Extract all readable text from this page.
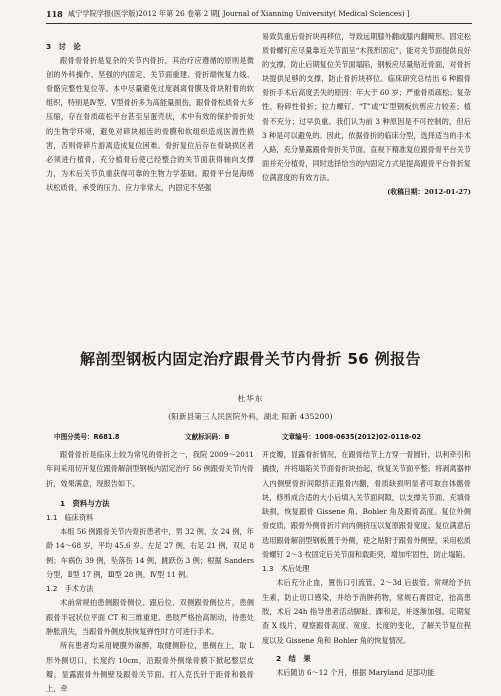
118 咸宁学院学报(医学版)2012 年第 26 卷第 2 期[ Journal of Xianning University( Medical Sciences) ]

3　讨　论

跟骨骨骨折是复杂的关节内骨折，其治疗应遵循的原则是微创的外科操作、坚强的内固定、关节面重建、骨折端恢复力线、骨骼完整性复位等。本中尽量避免过度剥离骨膜及骨块附着的软组织，特别是Ⅳ型、Ⅴ型骨折多为高能量损伤，跟骨骨松质骨大多压缩，存在骨质疏松平台甚至呈蛋壳状，术中有效的保护骨折处的生物学环境，避免对碎块相连的骨膜和软组织造成医源性损害，否则骨碎片游离造成复位困难。骨折复位后存在骨缺损区者必须进行植骨，充分植骨后使已经整合的关节面获得轴向支撑力，为术后关节负重获得可靠的生物力学基础。跟骨平台是海绵状松质骨，承受的压力、应力非常大，内固定不坚强

易致负重后骨折块再移位，导致远期膝外翻或膝内翻畸形。固定松质骨螺钉应尽量靠近关节面呈“木筏形固定”，能对关节面提供良好的支撑，防止后期复位关节面塌陷，钢板应尽量贴近骨面，对骨折块提供足够的支撑，防止骨折块移位。临床研究总结出 6 种跟骨骨折手术后高度丢失的原因：年大于 60 岁；严重骨质疏松；复杂性、粉碎性骨折；拉力螺钉、“T”或“L”型钢板抗剪应力较差；植骨不充分；过早负重。我们认为前 3 种原因是不可控制的，但后 3 种是可以避免的。因此，依据骨折的临床分型，选择适当的手术入路，充分暴露跟骨骨折关节面，直视下精准复位跟骨骨平台关节面并充分植骨，同时选择恰当的内固定方式是提高跟骨平台骨折复位满意度的有效方法。

(收稿日期：2012-01-27)
解剖型钢板内固定治疗跟骨关节内骨折 56 例报告
杜华东
(阳新县第三人民医院外科，湖北 阳新 435200)
中图分类号：R681.8	文献标识码：B	文章编号：1008-0635(2012)02-0118-02

跟骨骨折是临床上较为常见的骨折之一，我院 2009～2011 年间采用切开复位跟骨解剖型钢板内固定治疗 56 例跟骨关节内骨折，效果满意，现报告如下。

1　资料与方法

1.1　临床资料

本组 56 例跟骨关节内骨折患者中，男 32 例，女 24 例，年龄 14～68 岁，平均 45.6 岁。左足 27 例，右足 21 例，双足 8 例；车祸伤 39 例，坠落伤 14 例，跳跃伤 3 例；根据 Sanders 分型，Ⅱ型 17 例，Ⅲ型 28 例，Ⅳ型 11 例。

1.2　手术方法

术前常规拍患侧跟骨侧位、跟后位、双侧跟骨侧位片，患侧跟骨半冠状位平面 CT 和三维重建。患肢严格抬高制动，待患处肿胀消失，当跟骨外侧皮肤恢复弹性时方可进行手术。

所有患者均采用硬膜外麻醉，取健侧卧位，患侧在上，取 L 形外侧切口，长度约 10cm，沿跟骨外侧缘骨膜下掀起整层皮瓣，显露跟骨外侧壁及跟骨关节面。打入克氏针于距骨和骰骨上，牵

开皮瓣，显露骨折情况，在跟骨结节上方穿一骨圆针，以利牵引和撬拨，并将塌陷关节面骨折块抬起，恢复关节面平整。将剥离器伸入内侧壁骨折间隙挤正跟骨内翻，骨质缺损明显者可取自体髂骨块，修剪成合适的大小后填入关节面间隙，以支撑关节面、充填骨缺损，恢复跟骨 Gissene 角、Bohler 角及跟骨高度。复位外侧骨皮质，跟骨外侧骨折片向内侧挤压以复原跟骨宽度。复位满意后选用跟骨解剖型钢板置于外侧，使之贴附于跟骨外侧壁，采用松质骨螺钉 2～3 枚固定后关节面和载距突，增加牢固性，防止塌陷。

1.3　术后处理

术后充分止血，置伤口引流管，2～3d 后拔管。常规给予抗生素，防止切口感染，并给予消肿药物，常规石膏固定，抬高患肢，术后 24h 指导患者活动脚趾、踝和足，并逐渐加强。定期复查 X 线片，观察跟骨高度、宽度、长度的变化，了解关节复位程度以及 Gissene 角和 Bohler 角的恢复情况。

2　结　果

术后随访 6～12 个月，根据 Maryland 足部功能
